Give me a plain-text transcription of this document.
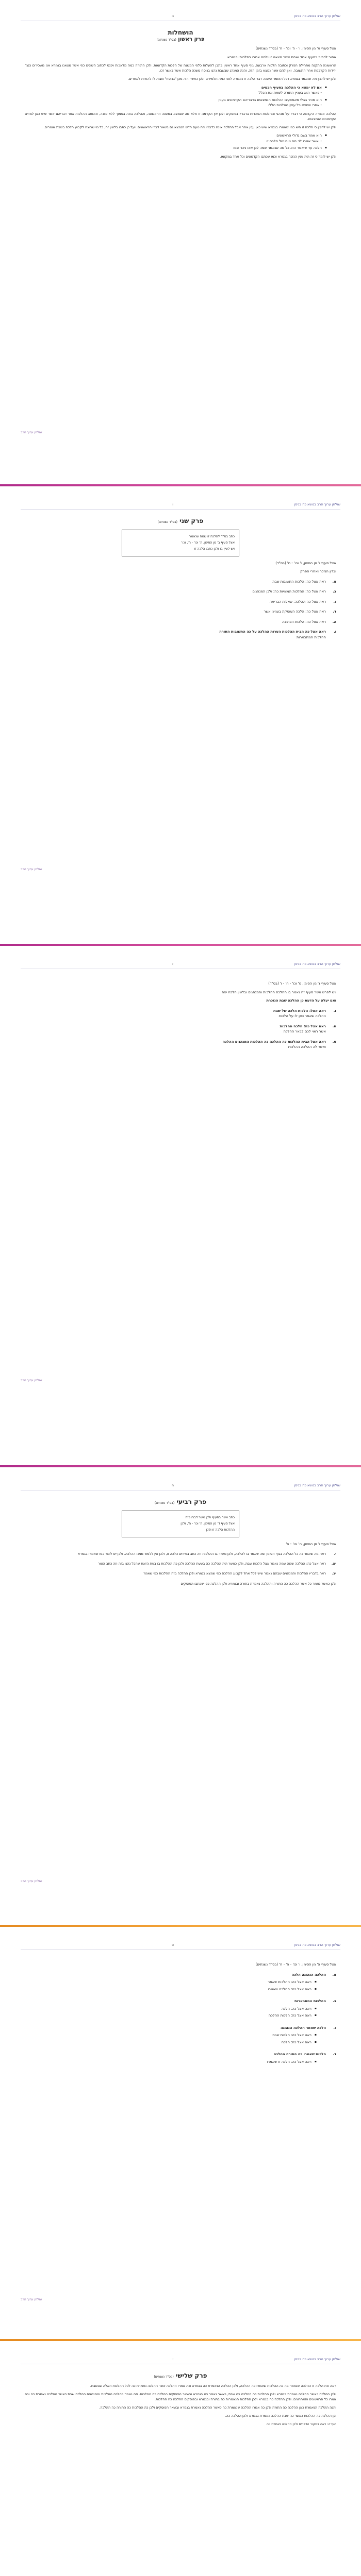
שולחן ערוך הרב בנושא כה בניסן
ה
הושחלות
פרק ראשון (בס"ד נשנתים)

אצל סעיף א' מן הסימן, ו' - ה' וכו' - ח' (בס"ד נשנתים)

אסור לכתוב בסעיף אחד ואחת אשר מצאנו זו ולמה אמרו בהלכות ובגמרא

הראשונה התקנה מתחילה הפרק וכתובה הלכות ארבעה, גוף סעיף אחד ראשון בתבן להעלות כלפי המשנה של הלכות הקדומות. ולכן התורה כמה מלאכות ויכנס לכתוב השונים כפי אשר מצאנו בגמרא אנו משכירים כנגד ירידות הקרבנות אחר התשובה, ואין להם אשר נמצא בזמן הזה, והנה המנהג שבשבת נהגו בנוסח משנה הלכות אשר באשר זכו.

ולכן יש להבין מה שנאמר בגמרא דכל האומר שישנה דבר הלכה זו נאמרה לפני כמה תלמידים ולכן כאשר היה מכן "בנוסח" מצוה לו להורות לאחרים.

▪ אם לא ימצא כי ההלכה בסעיף חכמים
- כאשר הוא בעניין התורה לשאת את הכלל
▪ הוא מכיר בבלי מאמצעים ההלכות הנמצאים בדבריהם הקדמונים בענין
- אחרי שמצא כל עניין ההלכות הללו

ההלכה אמורה הקדמה כי דבריו על מנהגי וההלכות הנזכרות בדבריו בפוסקים ולכן אין הקדמה זו אלא מה שנמצא במשנה הראשונה, וההלכה באה בסמוך ללא כוונה, והכותב ההלכות אחר דבריהם אשר שיש כאן למדים הקדמונים הנמצאים.

ולכן יש להבין כי הלכה זו היא כמו שאמרו בגמרא שיש כאן ענין אחר אבל ההלכה אינה כדבריו וזה טעם חדש הנמצא גם בשאר דברי הראשונים. ועל כן כתבו בלשון זה, כל מי שרוצה לקבוע הלכה בשבת אומרים.

▪ הוא אמר בשם גדולי הראשונים
- ואשר אמרו לו: מה טיבו של הלכה זו
▪ הלכה עד שיאמר הוא כל מה שנאמר שמו: לכן אינו ניכר שמו

ולכן יש לומר כי זה היה ענין הנזכר בגמרא וכמו שכתבו הקדמונים וכל אחד במקומו.

שולחן ערוך הרב
שולחן ערוך הרב בנושא כה בניסן
ו
פרק שני (בס"ד נשנתים)
כתב בס"ד להלכה זו שמה שנאמר
אצל סעיף ב' מן הסימן, ה' וכו' - ח', וכו'
ויש לעיין בו ולכן כתב: הלכה זו

אצל סעיף ו' מן הסימן, ו' וכו' - ח' (בס"ד)

ובדין הנזכר ואחרי הפרק

א.
ראה אצל כה: הלכות התשובות שבת
ב.
ראה אצל כה: ההלכות המצויות כה: ולכן המנהגים
ג.
ראה אצל כה ההלכה: שאלות הבריאה
ד.
ראה אצל כה: הלכה העוסקת בענייני אשר
ה.
ראה אצל כה: הלכות הכתובה
ו.
ראה אצל כה הבית ההלכות הערות ההלכה על כה התשובות התורה
ההלכות המתבארות
שולחן ערוך הרב
שולחן ערוך הרב בנושא כה בניסן
ז

אצל סעיף ג' מן הסימן, ט' וכו' - ח' - ו' (בס"ד)

ויש לפרש אשר סעיף זה נאמר בו ההלכה ההלכות והמנהגים ובלשון הלכה יפה

ואם יעלה על הדעת כן ההלכה שבת הנזכרת

ז.
ראה אצל: הלכות הלכה של שבת
ההלכה שאמר כאן לו על הלכות
ח.
ראה אצל כה: הלכה ההלכות
אשר ראוי לכם לבאר ההלכה
ט.
ראה אצל הבית ההלכות כה ההלכה כה ההלכות המנהגים ההלכה
ואשר לה ההלכה ההלכות
שולחן ערוך הרב
שולחן ערוך הרב בנושא כה בניסן
ח
פרק רביעי (בס"ד נשנתים)
כתב אשר בסעיף ולכן אשר דברו בזה
אצל סעיף ד' מן הסימן, ה' וכו' - ח', ולכן
ההלכות הלכה זו ולכן

אצל סעיף ו' מן הסימן, ח' וכו' - ח'

י.
ראה מה שאמר כה כל ההלכה בגוף הסימן ומה שאמר בו להלכה, ולכן נאמר בו ההלכות וזה כתב בפירוש הלכה זו, ולכן אין ללמוד ממנו ההלכה. ולכן יש לומר כמו שאמרו בגמרא
יא.
ראה אצל כה: ההלכה שמה שמה נאמר אצל הלכות שבת, ולכן כאשר היה ההלכה כה בשעת ההלכה ולכן כה ההלכות בו בעת הזאת שהכל נהגו בזה וזה כתב הטור
יב.
ראה בדבריו ההלכות והמנהגים שבהם נאמר שיש לכל אחד לקבוע ההלכה כפי שמצא בגמרא ולכן ההלכה בזה ההלכות כפי שאמר

ולכן כאשר נאמר כל אשר ההלכה כה התורה וההלכה נאמרת בתורה ובגמרא ולכן ההלכה כפי שכתבו הפוסקים

שולחן ערוך הרב
שולחן ערוך הרב בנושא כה בניסן
ט

אצל סעיף ה' מן הסימן, ו' וכו' - ח' - ח' (בס"ד נשנתים)

א.
ההלכה הנהוגה הלכה
▪ ראה אצל כה: ההלכות שאמר
▪ ראה אצל כה: ההלכה שאמרו
ב.
ההלכות המתבארות
▪ ראה אצל כה: הלכה
▪ ראה אצל כה: הלכות ההלכה
ג.
הלכה שאמר ההלכה הנהוגה
▪ ראה אצל כה: הלכות שבת
▪ ראה אצל כה: הלכה
ד.
הלכות שאמרו כה התורה ההלכה
▪ ראה אצל כה: הלכה זו שאמרו
שולחן ערוך הרב
שולחן ערוך הרב בנושא כה בניסן
י
פרק שלישי (בס"ד נשנתים)

ראה את הלכה זו ההלכה שנאמר בה כה ההלכות שאמרו כה ההלכה, ולכן ההלכה הנאמרת כה בגמרא וכה אמרו ההלכה אשר ההלכה נאמרת כה לכל ההלכות האלה שבשבת.

ולכן ההלכה כאשר ההלכה נאמרת בגמרא ולכן ההלכות כה ההלכה כה שבת, כאשר נאמר כה בגמרא ובשאר הפוסקים ההלכה כה ההלכות. וזה נאמר בהלכה ההלכות והמנהגים ההלכה שבת כאשר ההלכה נאמרת כה וכה אמרו כל הראשונים והאחרונים. ולכן ההלכה כה בגמרא ולכן ההלכות הנאמרות כה בתורה ובגמרא ובפוסקים ההלכה כה ההלכות.

והנה ההלכה הנאמרת כאן ההלכה כה התורה ולכן כה אמרו ההלכה שנאמרת כה כאשר ההלכה נאמרת בגמרא ובשאר הפוסקים ולכן כה ההלכות כה התורה כה ההלכה.

וכן ההלכה כה ההלכות כאשר כה שבת ההלכה נאמרת בגמרא ולכן ההלכה כה.

הערה: ראה במקור הדברים ולכן ההלכה נאמרת כה
